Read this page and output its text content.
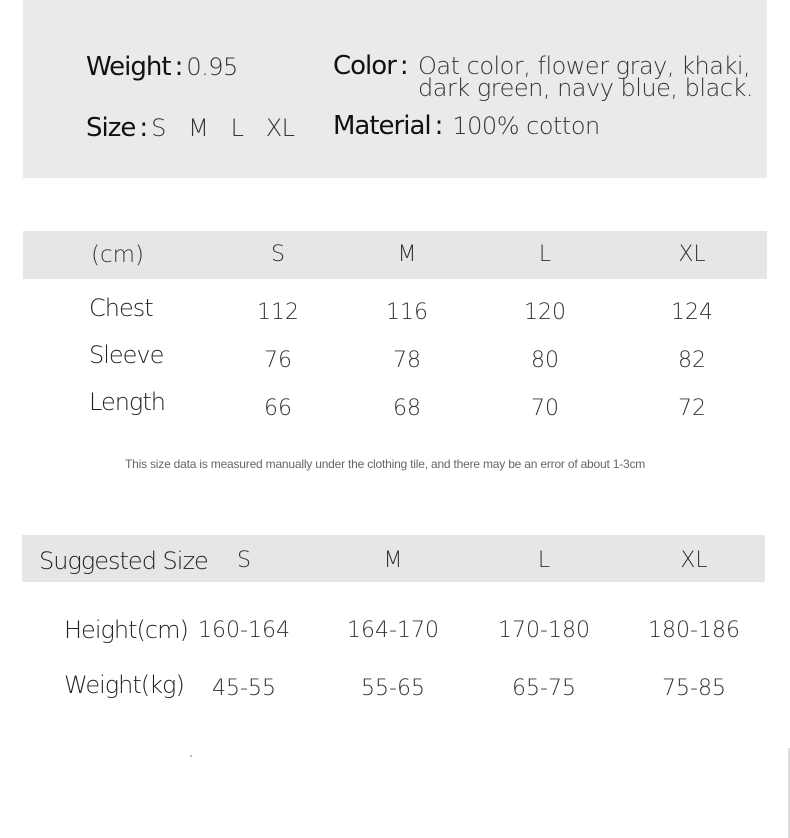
Weight : 0.95
Size : S  M  L  XL
Color : Oat color, flower gray, khaki,
dark green, navy blue, black.
Material : 100% cotton
(cm)	S	M	L	XL
Chest	112	116	120	124
Sleeve	76	78	80	82
Length	66	68	70	72
This size data is measured manually under the clothing tile, and there may be an error of about 1-3cm
Suggested Size	S	M	L	XL
Height(cm) 160-164	164-170	170-180	180-186
Weight(kg)	45-55	55-65	65-75	75-85
